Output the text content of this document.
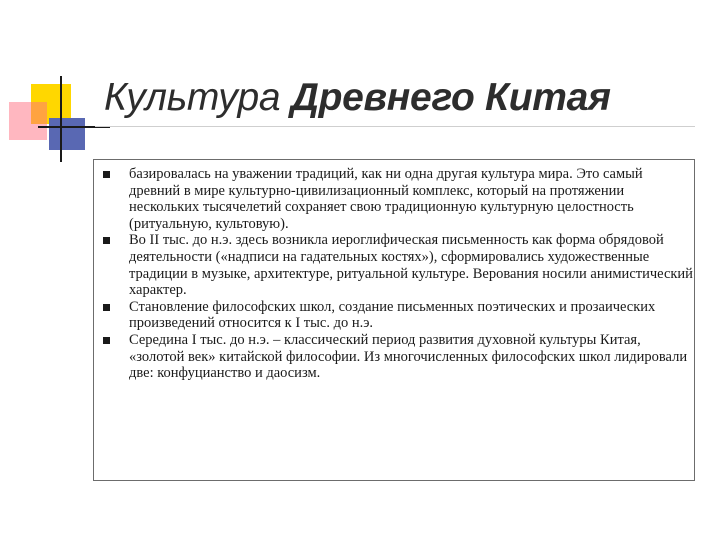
Культура Древнего Китая
базировалась на уважении традиций, как ни одна другая культура мира. Это самый древний в мире культурно-цивилизационный комплекс, который на протяжении нескольких тысячелетий сохраняет свою традиционную культурную целостность (ритуальную, культовую).
Во II тыс. до н.э. здесь возникла иероглифическая письменность как форма обрядовой деятельности («надписи на гадательных костях»), сформировались художественные традиции в музыке, архитектуре, ритуальной культуре. Верования носили анимистический характер.
Становление философских школ, создание письменных поэтических и прозаических произведений относится к I тыс. до н.э.
Середина I тыс. до н.э. – классический период развития духовной культуры Китая, «золотой век» китайской философии. Из многочисленных философских школ лидировали две: конфуцианство и даосизм.
